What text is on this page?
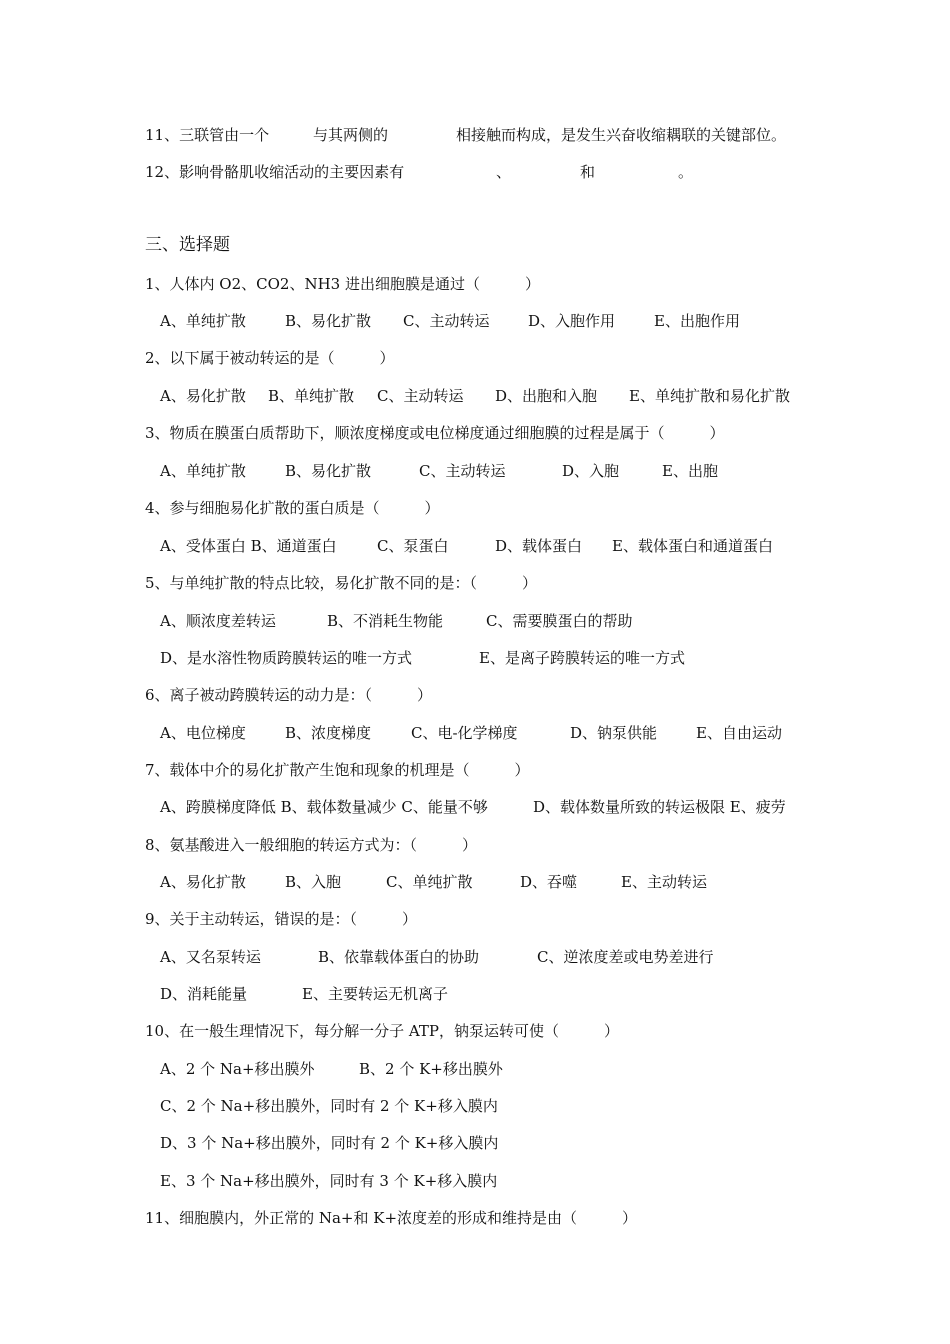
11、三联管由一个	与其两侧的	相接触而构成，是发生兴奋收缩耦联的关键部位。
12、影响骨骼肌收缩活动的主要因素有	、	和	。
三、选择题
1、人体内 O2、CO2、NH3 进出细胞膜是通过（　　　）
A、单纯扩散	B、易化扩散 C、主动转运	D、入胞作用	E、出胞作用
2、以下属于被动转运的是（　　　）
A、易化扩散 B、单纯扩散 C、主动转运 D、出胞和入胞 E、单纯扩散和易化扩散
3、物质在膜蛋白质帮助下，顺浓度梯度或电位梯度通过细胞膜的过程是属于（　　　）
A、单纯扩散	B、易化扩散	C、主动转运	D、入胞	E、出胞
4、参与细胞易化扩散的蛋白质是（　　　）
A、受体蛋白 B、通道蛋白	C、泵蛋白	D、载体蛋白 E、载体蛋白和通道蛋白
5、与单纯扩散的特点比较，易化扩散不同的是：（　　　）
A、顺浓度差转运	B、不消耗生物能	C、需要膜蛋白的帮助
D、是水溶性物质跨膜转运的唯一方式	E、是离子跨膜转运的唯一方式
6、离子被动跨膜转运的动力是：（　　　）
A、电位梯度	B、浓度梯度	C、电-化学梯度	D、钠泵供能	E、自由运动
7、载体中介的易化扩散产生饱和现象的机理是（　　　）
A、跨膜梯度降低 B、载体数量减少 C、能量不够	D、载体数量所致的转运极限 E、疲劳
8、氨基酸进入一般细胞的转运方式为：（　　　）
A、易化扩散	B、入胞	C、单纯扩散	D、吞噬	E、主动转运
9、关于主动转运，错误的是：（　　　）
A、又名泵转运	B、依靠载体蛋白的协助	C、逆浓度差或电势差进行
D、消耗能量	E、主要转运无机离子
10、在一般生理情况下，每分解一分子 ATP，钠泵运转可使（　　　）
A、2 个 Na+移出膜外	B、2 个 K+移出膜外
C、2 个 Na+移出膜外，同时有 2 个 K+移入膜内
D、3 个 Na+移出膜外，同时有 2 个 K+移入膜内
E、3 个 Na+移出膜外，同时有 3 个 K+移入膜内
11、细胞膜内，外正常的 Na+和 K+浓度差的形成和维持是由（　　　）
